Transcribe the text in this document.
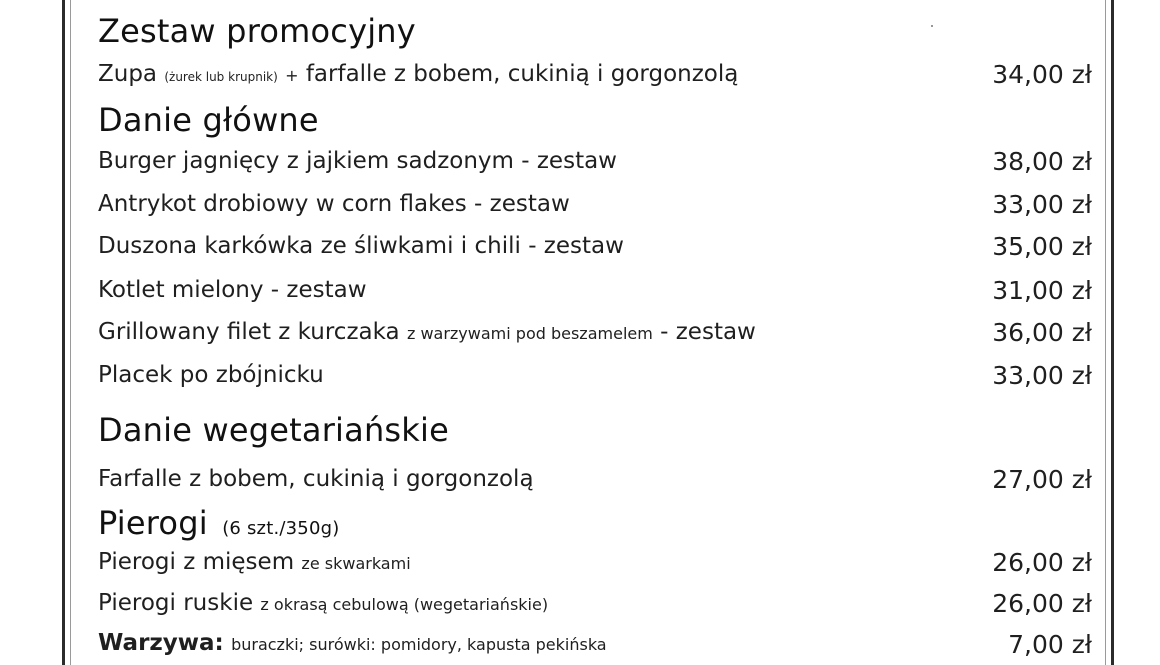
Zestaw promocyjny
Zupa (żurek lub krupnik) + farfalle z bobem, cukinią i gorgonzolą	34,00 zł
Danie główne
Burger jagnięcy z jajkiem sadzonym - zestaw	38,00 zł
Antrykot drobiowy w corn flakes - zestaw	33,00 zł
Duszona karkówka ze śliwkami i chili - zestaw	35,00 zł
Kotlet mielony - zestaw	31,00 zł
Grillowany filet z kurczaka z warzywami pod beszamelem - zestaw	36,00 zł
Placek po zbójnicku	33,00 zł
Danie wegetariańskie
Farfalle z bobem, cukinią i gorgonzolą	27,00 zł
Pierogi (6 szt./350g)
Pierogi z mięsem ze skwarkami	26,00 zł
Pierogi ruskie z okrasą cebulową (wegetariańskie)	26,00 zł
Warzywa: buraczki; surówki: pomidory, kapusta pekińska	7,00 zł
